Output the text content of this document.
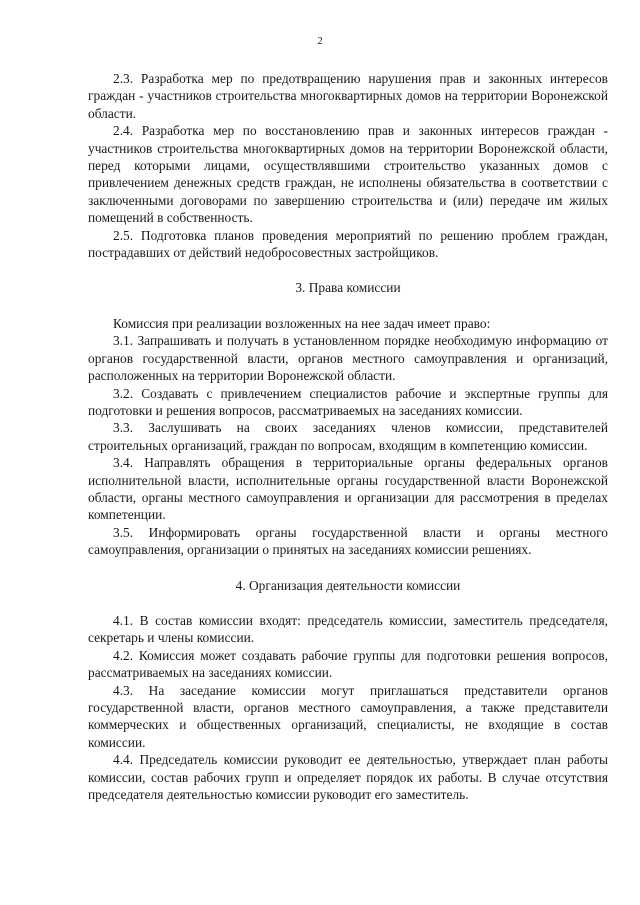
2

2.3. Разработка мер по предотвращению нарушения прав и законных интересов граждан - участников строительства многоквартирных домов на территории Воронежской области.

2.4. Разработка мер по восстановлению прав и законных интересов граждан - участников строительства многоквартирных домов на территории Воронежской области, перед которыми лицами, осуществлявшими строительство указанных домов с привлечением денежных средств граждан, не исполнены обязательства в соответствии с заключенными договорами по завершению строительства и (или) передаче им жилых помещений в собственность.

2.5. Подготовка планов проведения мероприятий по решению проблем граждан, пострадавших от действий недобросовестных застройщиков.

3. Права комиссии

Комиссия при реализации возложенных на нее задач имеет право:

3.1. Запрашивать и получать в установленном порядке необходимую информацию от органов государственной власти, органов местного самоуправления и организаций, расположенных на территории Воронежской области.

3.2. Создавать с привлечением специалистов рабочие и экспертные группы для подготовки и решения вопросов, рассматриваемых на заседаниях комиссии.

3.3. Заслушивать на своих заседаниях членов комиссии, представителей строительных организаций, граждан по вопросам, входящим в компетенцию комиссии.

3.4. Направлять обращения в территориальные органы федеральных органов исполнительной власти, исполнительные органы государственной власти Воронежской области, органы местного самоуправления и организации для рассмотрения в пределах компетенции.

3.5. Информировать органы государственной власти и органы местного самоуправления, организации о принятых на заседаниях комиссии решениях.

4. Организация деятельности комиссии

4.1. В состав комиссии входят: председатель комиссии, заместитель председателя, секретарь и члены комиссии.

4.2. Комиссия может создавать рабочие группы для подготовки решения вопросов, рассматриваемых на заседаниях комиссии.

4.3. На заседание комиссии могут приглашаться представители органов государственной власти, органов местного самоуправления, а также представители коммерческих и общественных организаций, специалисты, не входящие в состав комиссии.

4.4. Председатель комиссии руководит ее деятельностью, утверждает план работы комиссии, состав рабочих групп и определяет порядок их работы. В случае отсутствия председателя деятельностью комиссии руководит его заместитель.
